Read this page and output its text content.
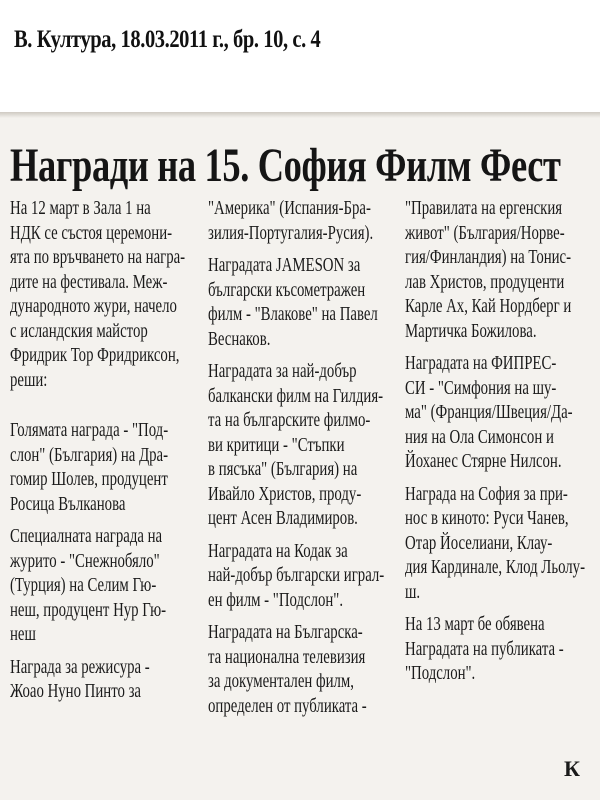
В. Култура, 18.03.2011 г., бр. 10, с. 4
Награди на 15. София Филм Фест

На 12 март в Зала 1 на
НДК се състоя церемони-
ята по връчването на награ-
дите на фестивала. Меж-
дународното жури, начело
с исландския майстор
Фридрик Тор Фридриксон,
реши:

Голямата награда - "Под-
слон" (България) на Дра-
гомир Шолев, продуцент
Росица Вълканова

Специалната награда на
журито - "Снежнобяло"
(Турция) на Селим Гю-
неш, продуцент Нур Гю-
неш

Награда за режисура -
Жоао Нуно Пинто за

"Америка" (Испания-Бра-
зилия-Португалия-Русия).

Наградата JAMESON за
български късометражен
филм - "Влакове" на Павел
Веснаков.

Наградата за най-добър
балкански филм на Гилдия-
та на българските филмо-
ви критици - "Стъпки
в пясъка" (България) на
Ивайло Христов, проду-
цент Асен Владимиров.

Наградата на Кодак за
най-добър български играл-
ен филм - "Подслон".

Наградата на Българска-
та национална телевизия
за документален филм,
определен от публиката -

"Правилата на ергенския
живот" (България/Норве-
гия/Финландия) на Тонис-
лав Христов, продуценти
Карле Ах, Кай Нордберг и
Мартичка Божилова.

Наградата на ФИПРЕС-
СИ - "Симфония на шу-
ма" (Франция/Швеция/Да-
ния на Ола Симонсон и
Йоханес Стярне Нилсон.

Награда на София за при-
нос в киното: Руси Чанев,
Отар Йоселиани, Клау-
дия Кардинале, Клод Льолу-
ш.

На 13 март бе обявена
Наградата на публиката -
"Подслон".

К
